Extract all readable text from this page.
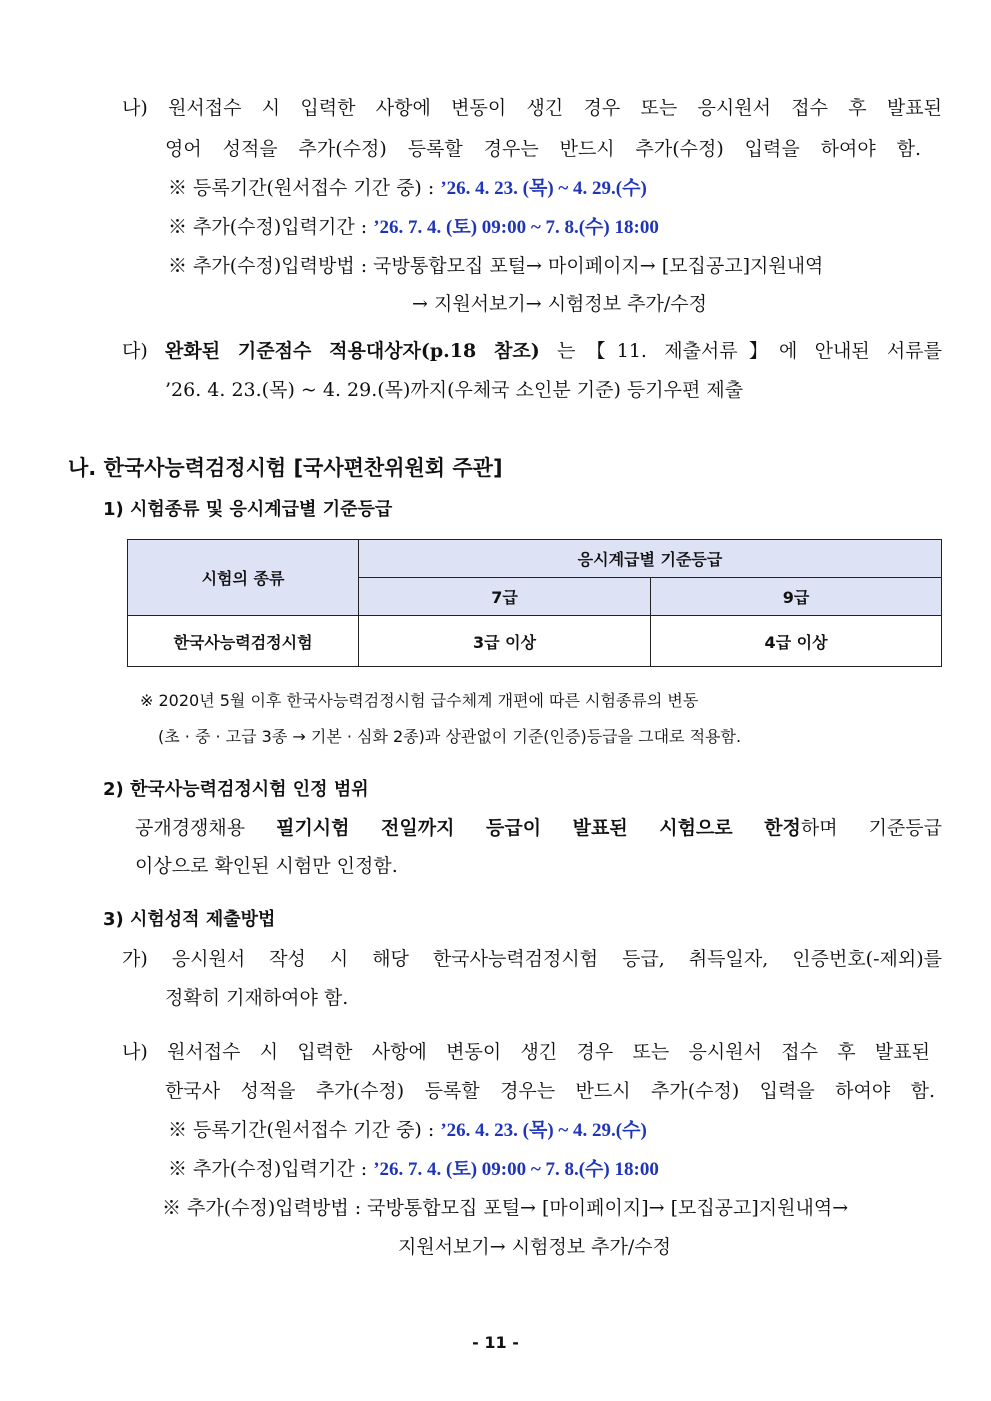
나) 원서접수 시 입력한 사항에 변동이 생긴 경우 또는 응시원서 접수 후 발표된
영어 성적을 추가(수정) 등록할 경우는 반드시 추가(수정) 입력을 하여야 함.
※ 등록기간(원서접수 기간 중) : ’26. 4. 23. (목) ~ 4. 29.(수)
※ 추가(수정)입력기간 : ’26. 7. 4. (토) 09:00 ~ 7. 8.(수) 18:00
※ 추가(수정)입력방법 : 국방통합모집 포털→ 마이페이지→ [모집공고]지원내역
→ 지원서보기→ 시험정보 추가/수정
다) 완화된 기준점수 적용대상자(p.18 참조) 는【11. 제출서류】에 안내된 서류를
’26. 4. 23.(목) ~ 4. 29.(목)까지(우체국 소인분 기준) 등기우편 제출
나. 한국사능력검정시험 [국사편찬위원회 주관]
1) 시험종류 및 응시계급별 기준등급
시험의 종류	응시계급별 기준등급	
	7급	9급
한국사능력검정시험	3급 이상	4급 이상
※ 2020년 5월 이후 한국사능력검정시험 급수체계 개편에 따른 시험종류의 변동
(초 · 중 · 고급 3종 → 기본 · 심화 2종)과 상관없이 기준(인증)등급을 그대로 적용함.
2) 한국사능력검정시험 인정 범위
공개경쟁채용 필기시험 전일까지 등급이 발표된 시험으로 한정하며 기준등급
이상으로 확인된 시험만 인정함.
3) 시험성적 제출방법
가) 응시원서 작성 시 해당 한국사능력검정시험 등급, 취득일자, 인증번호(-제외)를
정확히 기재하여야 함.
나) 원서접수 시 입력한 사항에 변동이 생긴 경우 또는 응시원서 접수 후 발표된
한국사 성적을 추가(수정) 등록할 경우는 반드시 추가(수정) 입력을 하여야 함.
※ 등록기간(원서접수 기간 중) : ’26. 4. 23. (목) ~ 4. 29.(수)
※ 추가(수정)입력기간 : ’26. 7. 4. (토) 09:00 ~ 7. 8.(수) 18:00
※ 추가(수정)입력방법 : 국방통합모집 포털→ [마이페이지]→ [모집공고]지원내역→
지원서보기→ 시험정보 추가/수정
- 11 -
